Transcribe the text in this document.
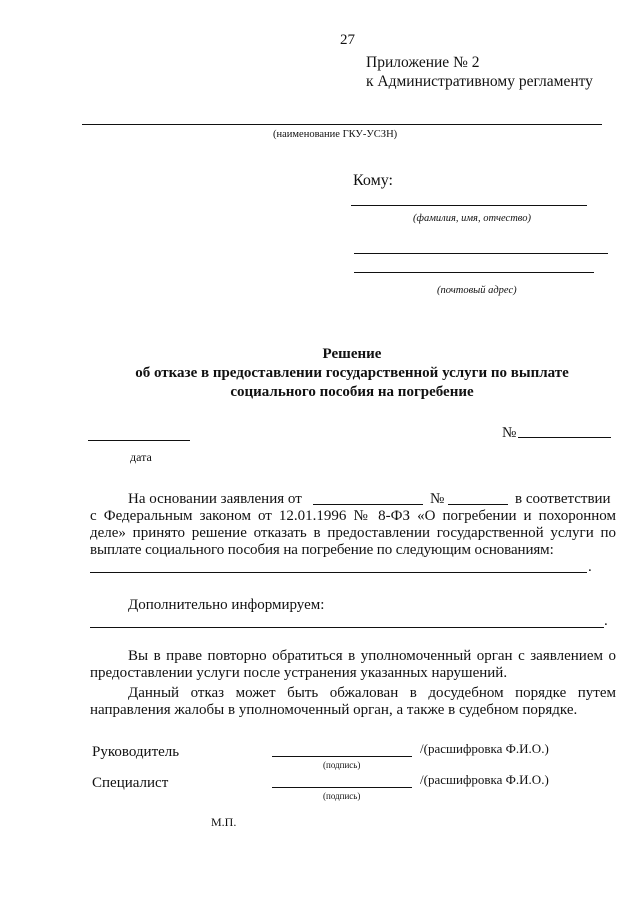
27
Приложение № 2
к Административному регламенту
(наименование ГКУ-УСЗН)
Кому:
(фамилия, имя, отчество)
(почтовый адрес)
Решение
об отказе в предоставлении государственной услуги по выплате
социального пособия на погребение
дата
№
На основании заявления от	№	в соответствии
с Федеральным законом от 12.01.1996 № 8-ФЗ «О погребении и похоронном
деле» принято решение отказать в предоставлении государственной услуги по
выплате социального пособия на погребение по следующим основаниям:
.
Дополнительно информируем:
.
Вы в праве повторно обратиться в уполномоченный орган с заявлением о
предоставлении услуги после устранения указанных нарушений.
Данный отказ может быть обжалован в досудебном порядке путем
направления жалобы в уполномоченный орган, а также в судебном порядке.
Руководитель
(подпись)
/(расшифровка Ф.И.О.)
Специалист
(подпись)
/(расшифровка Ф.И.О.)
М.П.
